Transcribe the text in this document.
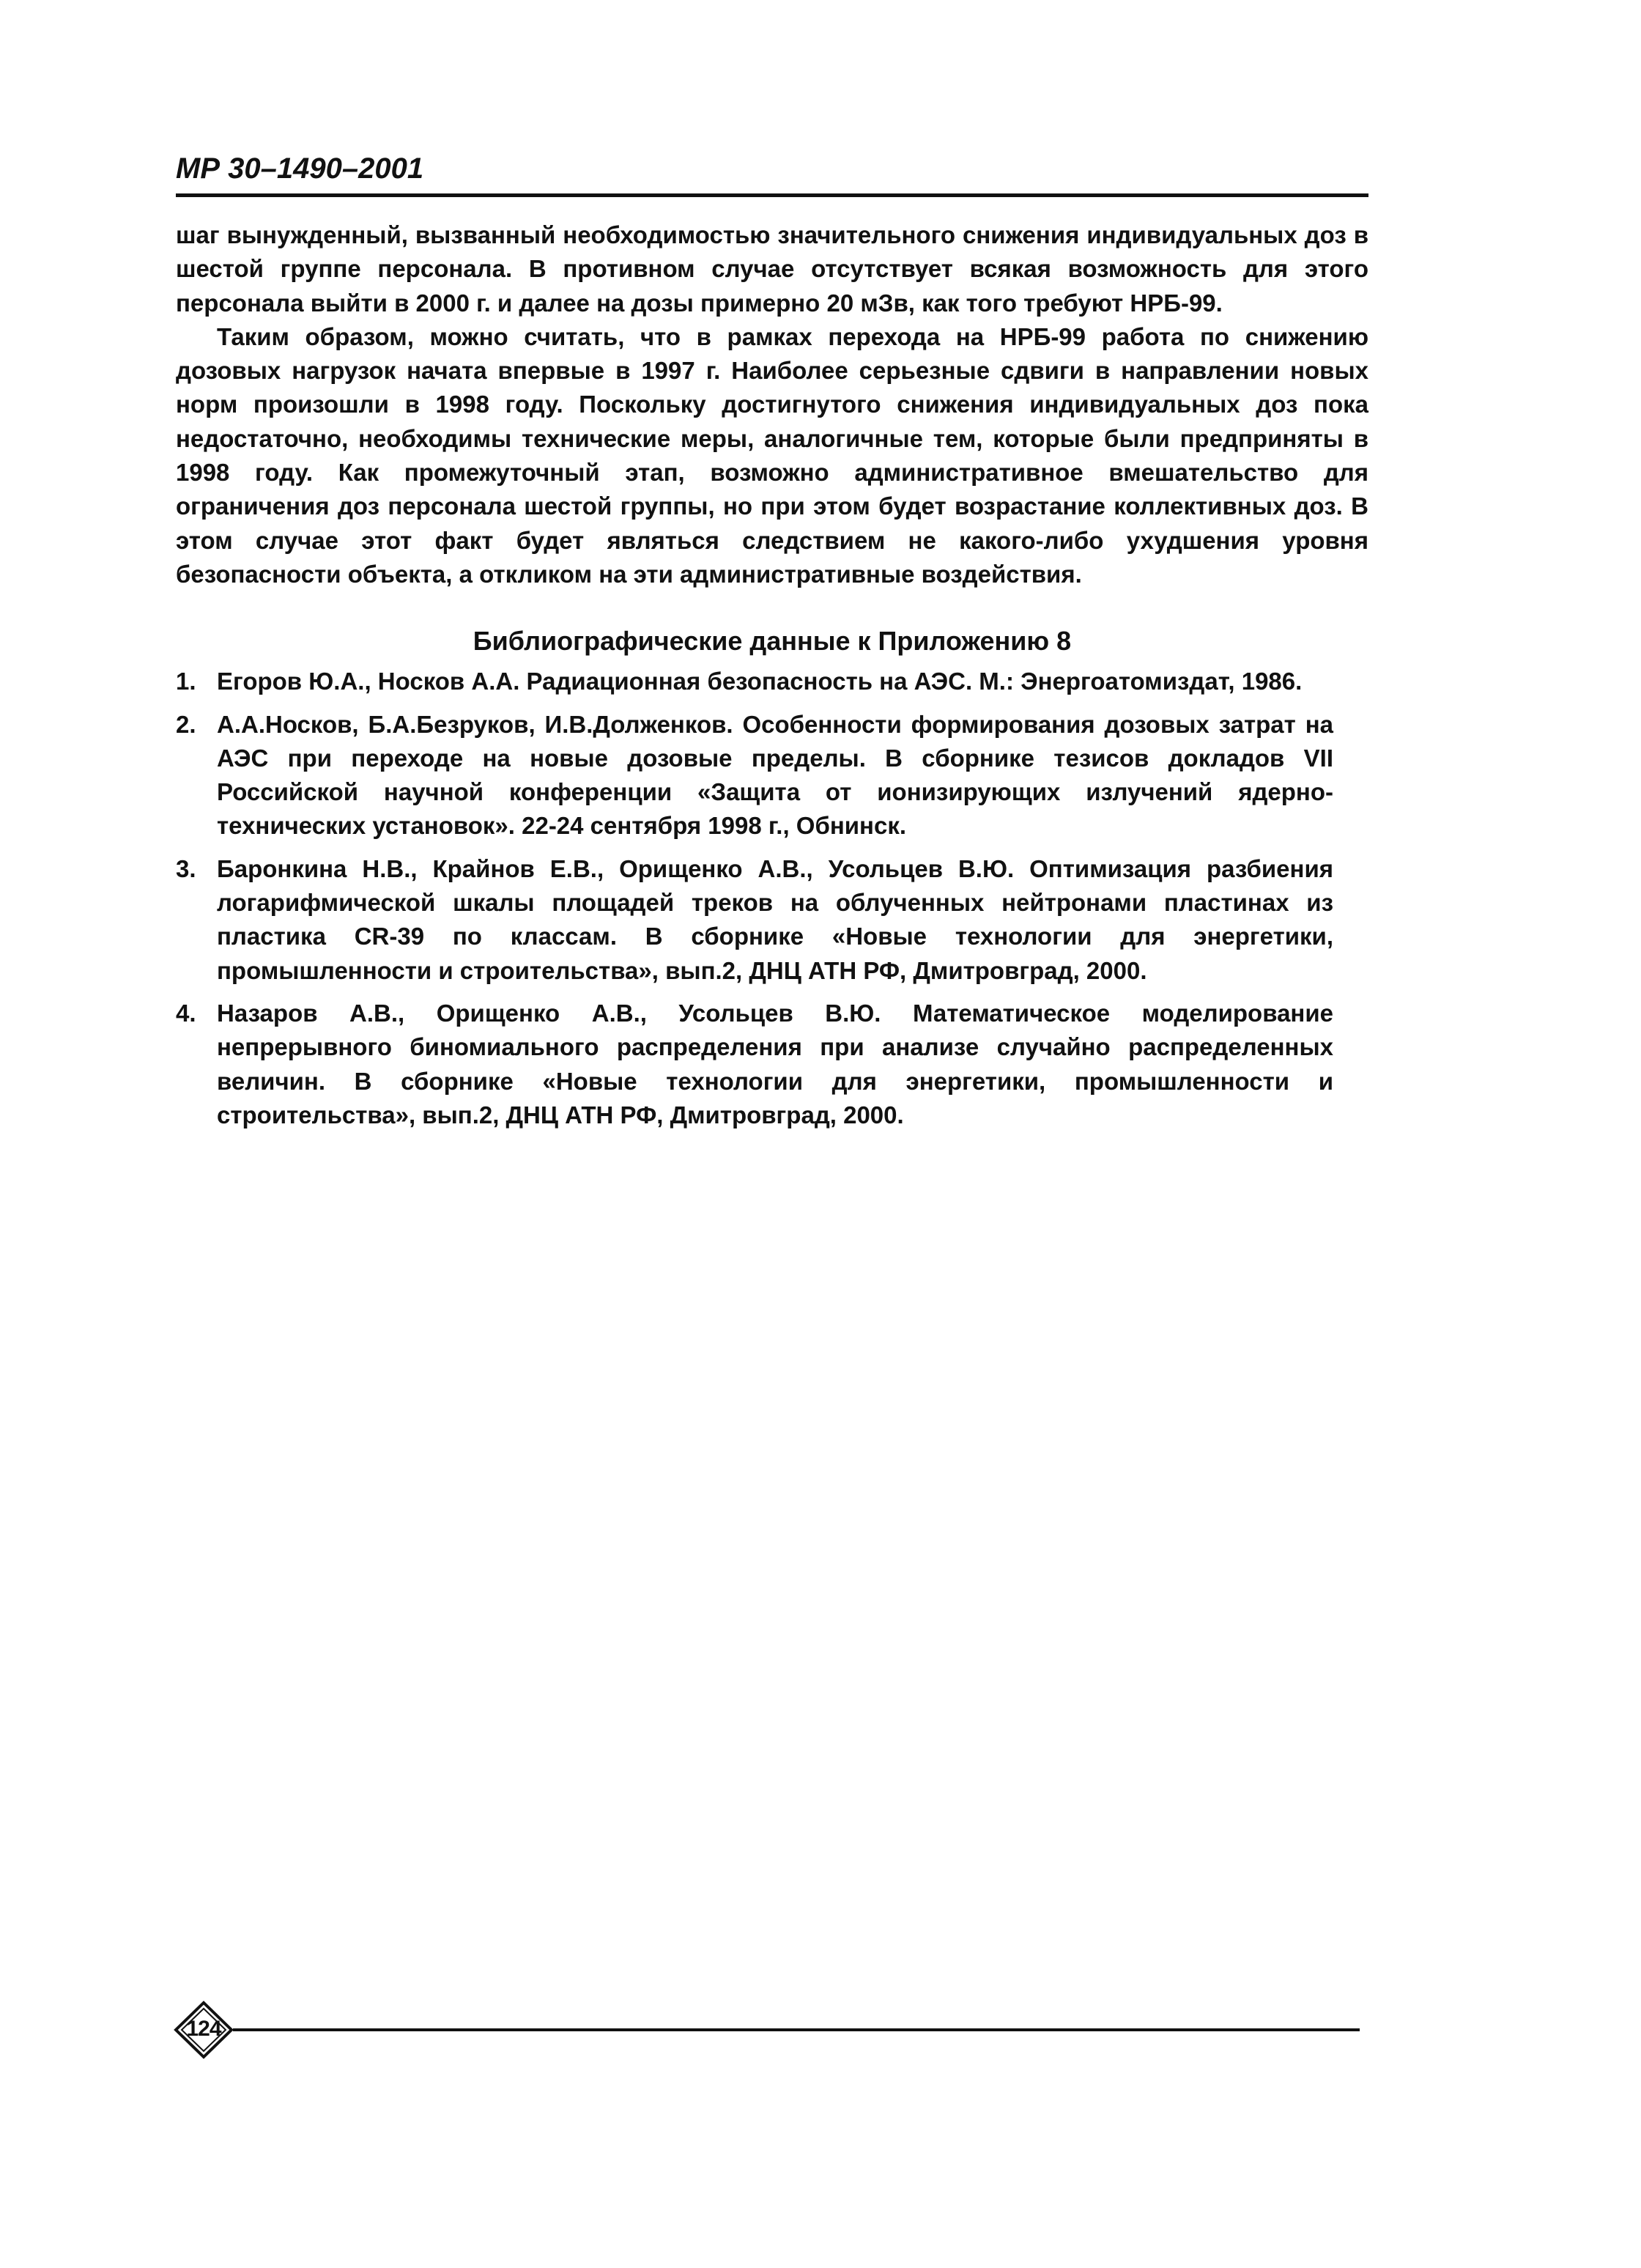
МР 30–1490–2001

шаг вынужденный, вызванный необходимостью значительного снижения индивидуальных доз в шестой группе персонала. В противном случае отсутствует всякая возможность для этого персонала выйти в 2000 г. и далее на дозы примерно 20 мЗв, как того требуют НРБ-99.

Таким образом, можно считать, что в рамках перехода на НРБ-99 работа по снижению дозовых нагрузок начата впервые в 1997 г. Наиболее серьезные сдвиги в направлении новых норм произошли в 1998 году. Поскольку достигнутого снижения индивидуальных доз пока недостаточно, необходимы технические меры, аналогичные тем, которые были предприняты в 1998 году. Как промежуточный этап, возможно административное вмешательство для ограничения доз персонала шестой группы, но при этом будет возрастание коллективных доз. В этом случае этот факт будет являться следствием не какого-либо ухудшения уровня безопасности объекта, а откликом на эти административные воздействия.

Библиографические данные к Приложению 8
1. Егоров Ю.А., Носков А.А. Радиационная безопасность на АЭС. М.: Энергоатомиздат, 1986.
2. А.А.Носков, Б.А.Безруков, И.В.Долженков. Особенности формирования дозовых затрат на АЭС при переходе на новые дозовые пределы. В сборнике тезисов докладов VII Российской научной конференции «Защита от ионизирующих излучений ядерно-технических установок». 22-24 сентября 1998 г., Обнинск.
3. Баронкина Н.В., Крайнов Е.В., Орищенко А.В., Усольцев В.Ю. Оптимизация разбиения логарифмической шкалы площадей треков на облученных нейтронами пластинах из пластика CR-39 по классам. В сборнике «Новые технологии для энергетики, промышленности и строительства», вып.2, ДНЦ АТН РФ, Дмитровград, 2000.
4. Назаров А.В., Орищенко А.В., Усольцев В.Ю. Математическое моделирование непрерывного биномиального распределения при анализе случайно распределенных величин. В сборнике «Новые технологии для энергетики, промышленности и строительства», вып.2, ДНЦ АТН РФ, Дмитровград, 2000.
124
